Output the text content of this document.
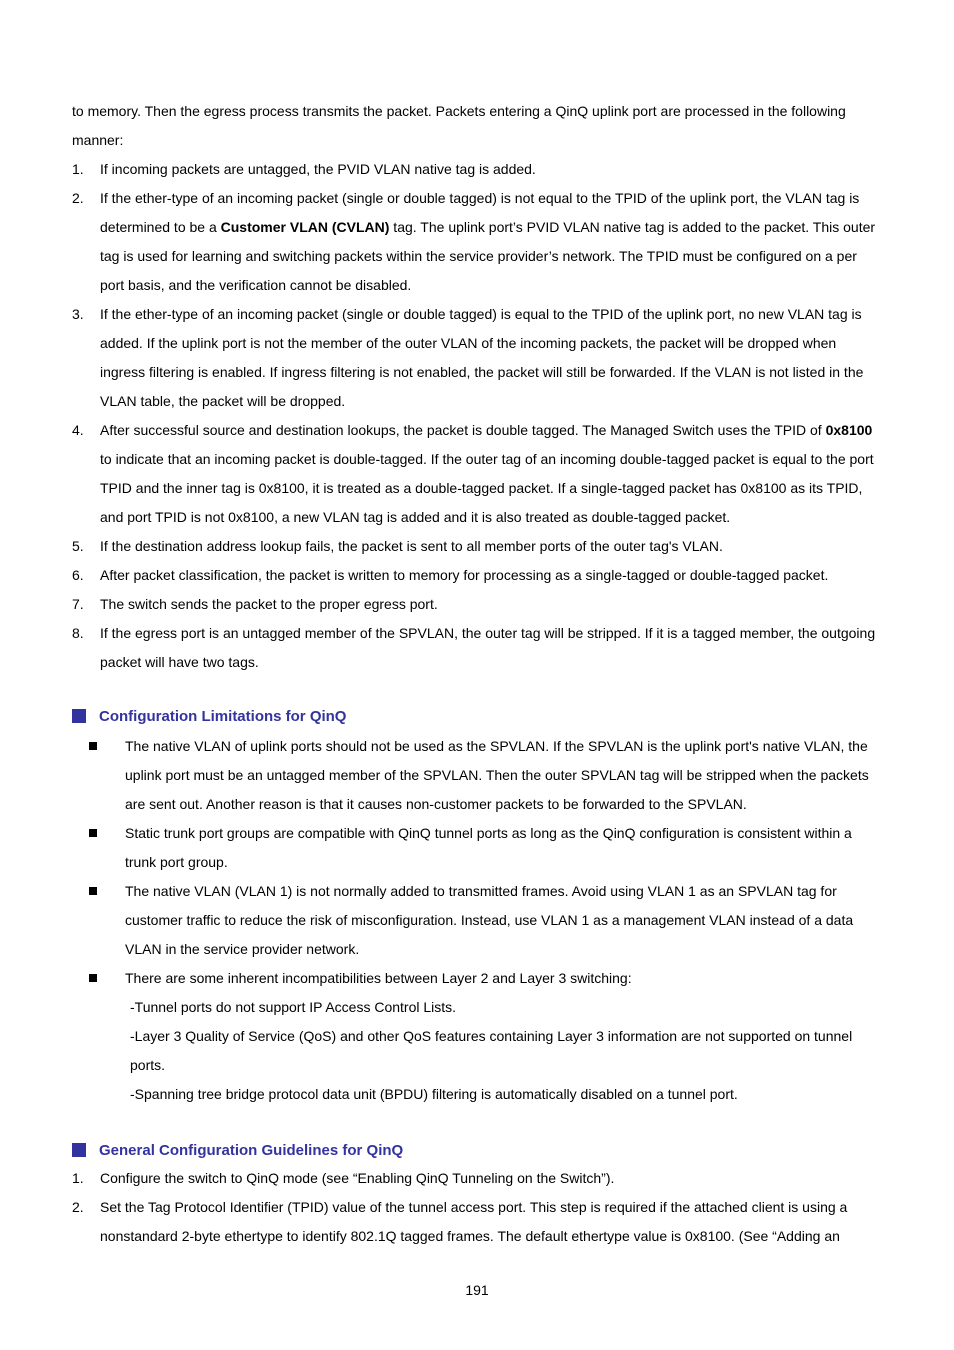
to memory. Then the egress process transmits the packet. Packets entering a QinQ uplink port are processed in the following manner:

1. If incoming packets are untagged, the PVID VLAN native tag is added.
2. If the ether-type of an incoming packet (single or double tagged) is not equal to the TPID of the uplink port, the VLAN tag is determined to be a Customer VLAN (CVLAN) tag. The uplink port’s PVID VLAN native tag is added to the packet. This outer tag is used for learning and switching packets within the service provider’s network. The TPID must be configured on a per port basis, and the verification cannot be disabled.
3. If the ether-type of an incoming packet (single or double tagged) is equal to the TPID of the uplink port, no new VLAN tag is added. If the uplink port is not the member of the outer VLAN of the incoming packets, the packet will be dropped when ingress filtering is enabled. If ingress filtering is not enabled, the packet will still be forwarded. If the VLAN is not listed in the VLAN table, the packet will be dropped.
4. After successful source and destination lookups, the packet is double tagged. The Managed Switch uses the TPID of 0x8100 to indicate that an incoming packet is double-tagged. If the outer tag of an incoming double-tagged packet is equal to the port TPID and the inner tag is 0x8100, it is treated as a double-tagged packet. If a single-tagged packet has 0x8100 as its TPID, and port TPID is not 0x8100, a new VLAN tag is added and it is also treated as double-tagged packet.
5. If the destination address lookup fails, the packet is sent to all member ports of the outer tag's VLAN.
6. After packet classification, the packet is written to memory for processing as a single-tagged or double-tagged packet.
7. The switch sends the packet to the proper egress port.
8. If the egress port is an untagged member of the SPVLAN, the outer tag will be stripped. If it is a tagged member, the outgoing packet will have two tags.
Configuration Limitations for QinQ
The native VLAN of uplink ports should not be used as the SPVLAN. If the SPVLAN is the uplink port's native VLAN, the uplink port must be an untagged member of the SPVLAN. Then the outer SPVLAN tag will be stripped when the packets are sent out. Another reason is that it causes non-customer packets to be forwarded to the SPVLAN.
Static trunk port groups are compatible with QinQ tunnel ports as long as the QinQ configuration is consistent within a trunk port group.
The native VLAN (VLAN 1) is not normally added to transmitted frames. Avoid using VLAN 1 as an SPVLAN tag for customer traffic to reduce the risk of misconfiguration. Instead, use VLAN 1 as a management VLAN instead of a data VLAN in the service provider network.
There are some inherent incompatibilities between Layer 2 and Layer 3 switching:
-Tunnel ports do not support IP Access Control Lists.
-Layer 3 Quality of Service (QoS) and other QoS features containing Layer 3 information are not supported on tunnel ports.
-Spanning tree bridge protocol data unit (BPDU) filtering is automatically disabled on a tunnel port.
General Configuration Guidelines for QinQ
1. Configure the switch to QinQ mode (see “Enabling QinQ Tunneling on the Switch”).
2. Set the Tag Protocol Identifier (TPID) value of the tunnel access port. This step is required if the attached client is using a nonstandard 2-byte ethertype to identify 802.1Q tagged frames. The default ethertype value is 0x8100. (See “Adding an
191
